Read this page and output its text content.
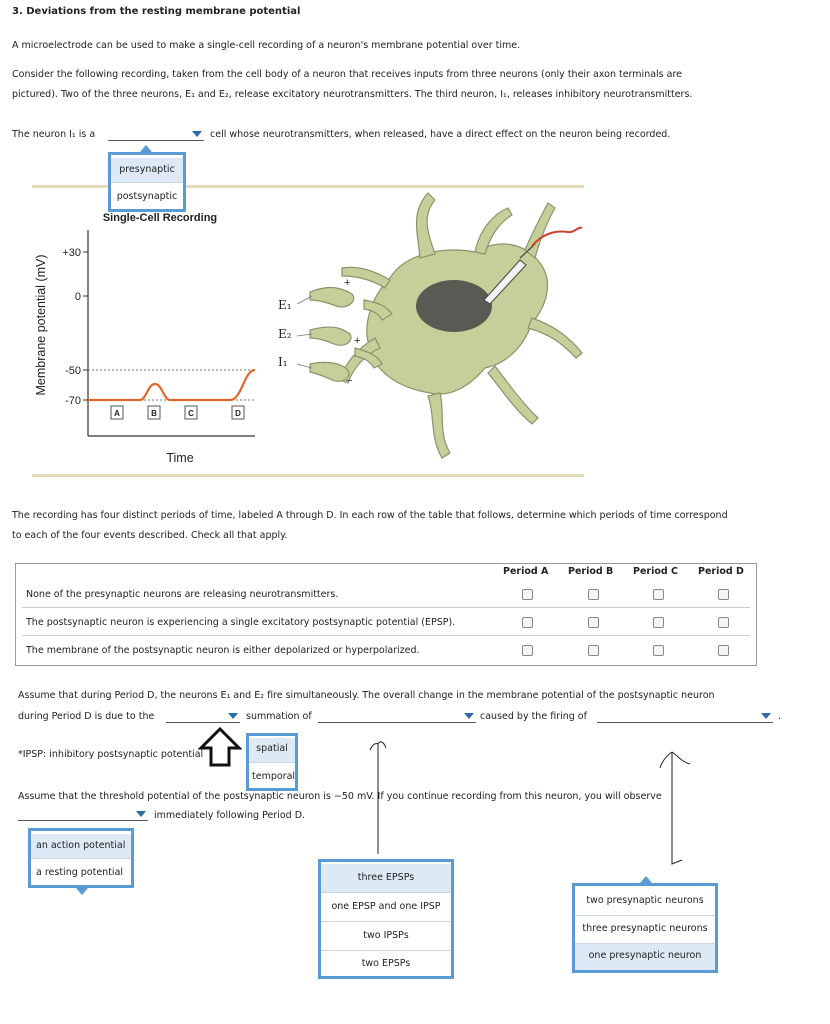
3. Deviations from the resting membrane potential
A microelectrode can be used to make a single-cell recording of a neuron's membrane potential over time.
Consider the following recording, taken from the cell body of a neuron that receives inputs from three neurons (only their axon terminals are
pictured). Two of the three neurons, E₁ and E₂, release excitatory neurotransmitters. The third neuron, I₁, releases inhibitory neurotransmitters.
The neuron I₁ is a	cell whose neurotransmitters, when released, have a direct effect on the neuron being recorded.
Single-Cell Recording
Membrane potential (mV)
+30
0
-50
-70
A	B	C	D
Time
presynaptic
postsynaptic
E₁
E₂
I₁
+
+
−
The recording has four distinct periods of time, labeled A through D. In each row of the table that follows, determine which periods of time correspond
to each of the four events described. Check all that apply.
Period A Period B Period C Period D
None of the presynaptic neurons are releasing neurotransmitters.
The postsynaptic neuron is experiencing a single excitatory postsynaptic potential (EPSP).
The membrane of the postsynaptic neuron is either depolarized or hyperpolarized.
Assume that during Period D, the neurons E₁ and E₂ fire simultaneously. The overall change in the membrane potential of the postsynaptic neuron
during Period D is due to the	summation of	caused by the firing of	.
*IPSP: inhibitory postsynaptic potential
spatial
temporal
Assume that the threshold potential of the postsynaptic neuron is −50 mV. If you continue recording from this neuron, you will observe
immediately following Period D.
an action potential
a resting potential	three EPSPs
one EPSP and one IPSP
two IPSPs
two EPSPs
two presynaptic neurons
three presynaptic neurons
one presynaptic neuron
